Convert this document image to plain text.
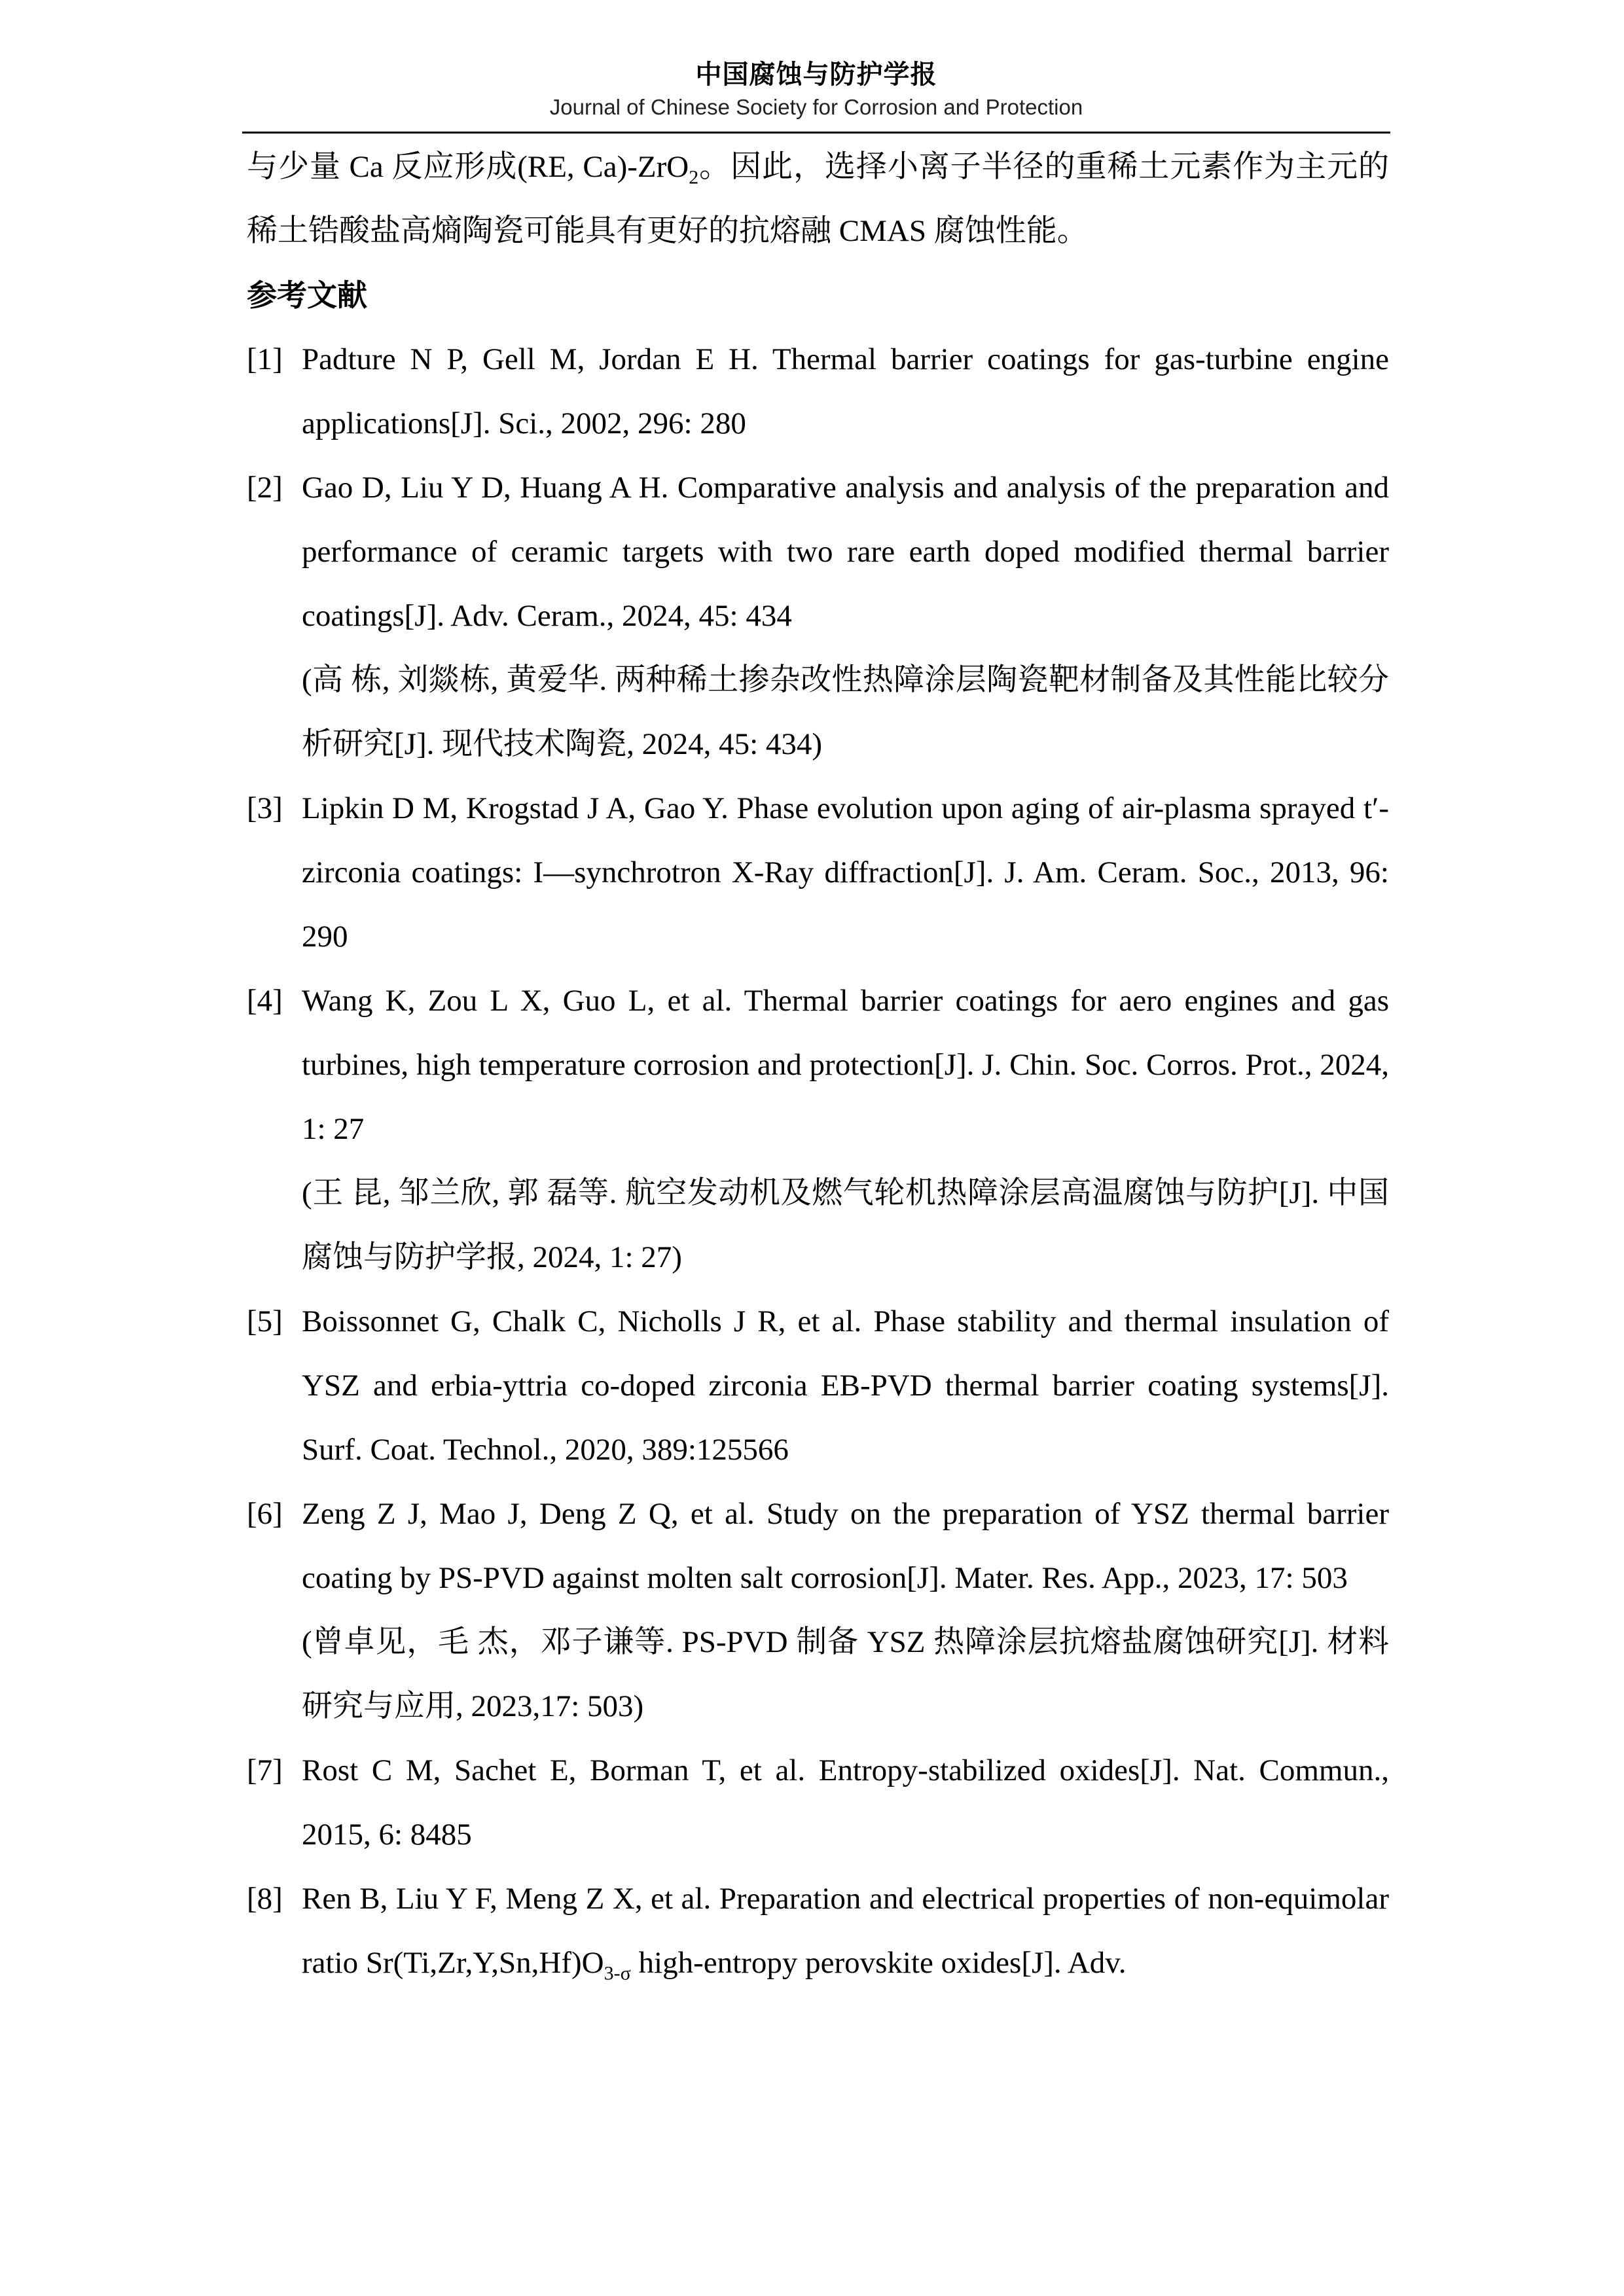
中国腐蚀与防护学报
Journal of Chinese Society for Corrosion and Protection

与少量 Ca 反应形成(RE, Ca)-ZrO$_2$。因此，选择小离子半径的重稀土元素作为主元的稀土锆酸盐高熵陶瓷可能具有更好的抗熔融 CMAS 腐蚀性能。

参考文献

[1] Padture N P, Gell M, Jordan E H. Thermal barrier coatings for gas-turbine engine applications[J]. Sci., 2002, 296: 280
[2] Gao D, Liu Y D, Huang A H. Comparative analysis and analysis of the preparation and performance of ceramic targets with two rare earth doped modified thermal barrier coatings[J]. Adv. Ceram., 2024, 45: 434
(高 栋, 刘燚栋, 黄爱华. 两种稀土掺杂改性热障涂层陶瓷靶材制备及其性能比较分析研究[J]. 现代技术陶瓷, 2024, 45: 434)
[3] Lipkin D M, Krogstad J A, Gao Y. Phase evolution upon aging of air-plasma sprayed t′-zirconia coatings: I—synchrotron X-Ray diffraction[J]. J. Am. Ceram. Soc., 2013, 96: 290
[4] Wang K, Zou L X, Guo L, et al. Thermal barrier coatings for aero engines and gas turbines, high temperature corrosion and protection[J]. J. Chin. Soc. Corros. Prot., 2024, 1: 27
(王 昆, 邹兰欣, 郭 磊等. 航空发动机及燃气轮机热障涂层高温腐蚀与防护[J]. 中国腐蚀与防护学报, 2024, 1: 27)
[5] Boissonnet G, Chalk C, Nicholls J R, et al. Phase stability and thermal insulation of YSZ and erbia-yttria co-doped zirconia EB-PVD thermal barrier coating systems[J]. Surf. Coat. Technol., 2020, 389:125566
[6] Zeng Z J, Mao J, Deng Z Q, et al. Study on the preparation of YSZ thermal barrier coating by PS-PVD against molten salt corrosion[J]. Mater. Res. App., 2023, 17: 503
(曾卓见，毛 杰，邓子谦等. PS-PVD 制备 YSZ 热障涂层抗熔盐腐蚀研究[J]. 材料研究与应用, 2023,17: 503)
[7] Rost C M, Sachet E, Borman T, et al. Entropy-stabilized oxides[J]. Nat. Commun., 2015, 6: 8485
[8] Ren B, Liu Y F, Meng Z X, et al. Preparation and electrical properties of non-equimolar ratio $Sr(Ti,Zr,Y,Sn,Hf)O_{3-\sigma}$ high-entropy perovskite oxides[J]. Adv.
